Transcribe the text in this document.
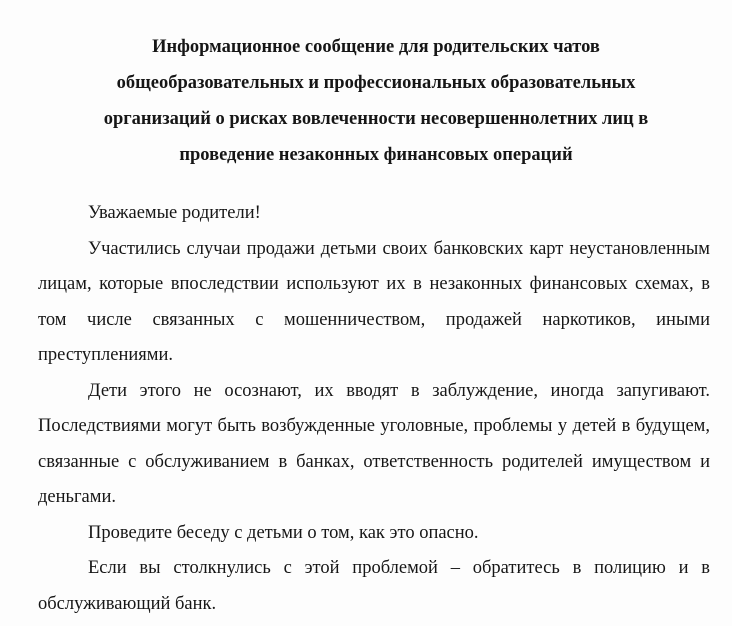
Информационное сообщение для родительских чатов
общеобразовательных и профессиональных образовательных
организаций о рисках вовлеченности несовершеннолетних лиц в
проведение незаконных финансовых операций

Уважаемые родители!

Участились случаи продажи детьми своих банковских карт неустановленным лицам, которые впоследствии используют их в незаконных финансовых схемах, в том числе связанных с мошенничеством, продажей наркотиков, иными преступлениями.

Дети этого не осознают, их вводят в заблуждение, иногда запугивают. Последствиями могут быть возбужденные уголовные, проблемы у детей в будущем, связанные с обслуживанием в банках, ответственность родителей имуществом и деньгами.

Проведите беседу с детьми о том, как это опасно.

Если вы столкнулись с этой проблемой – обратитесь в полицию и в обслуживающий банк.
